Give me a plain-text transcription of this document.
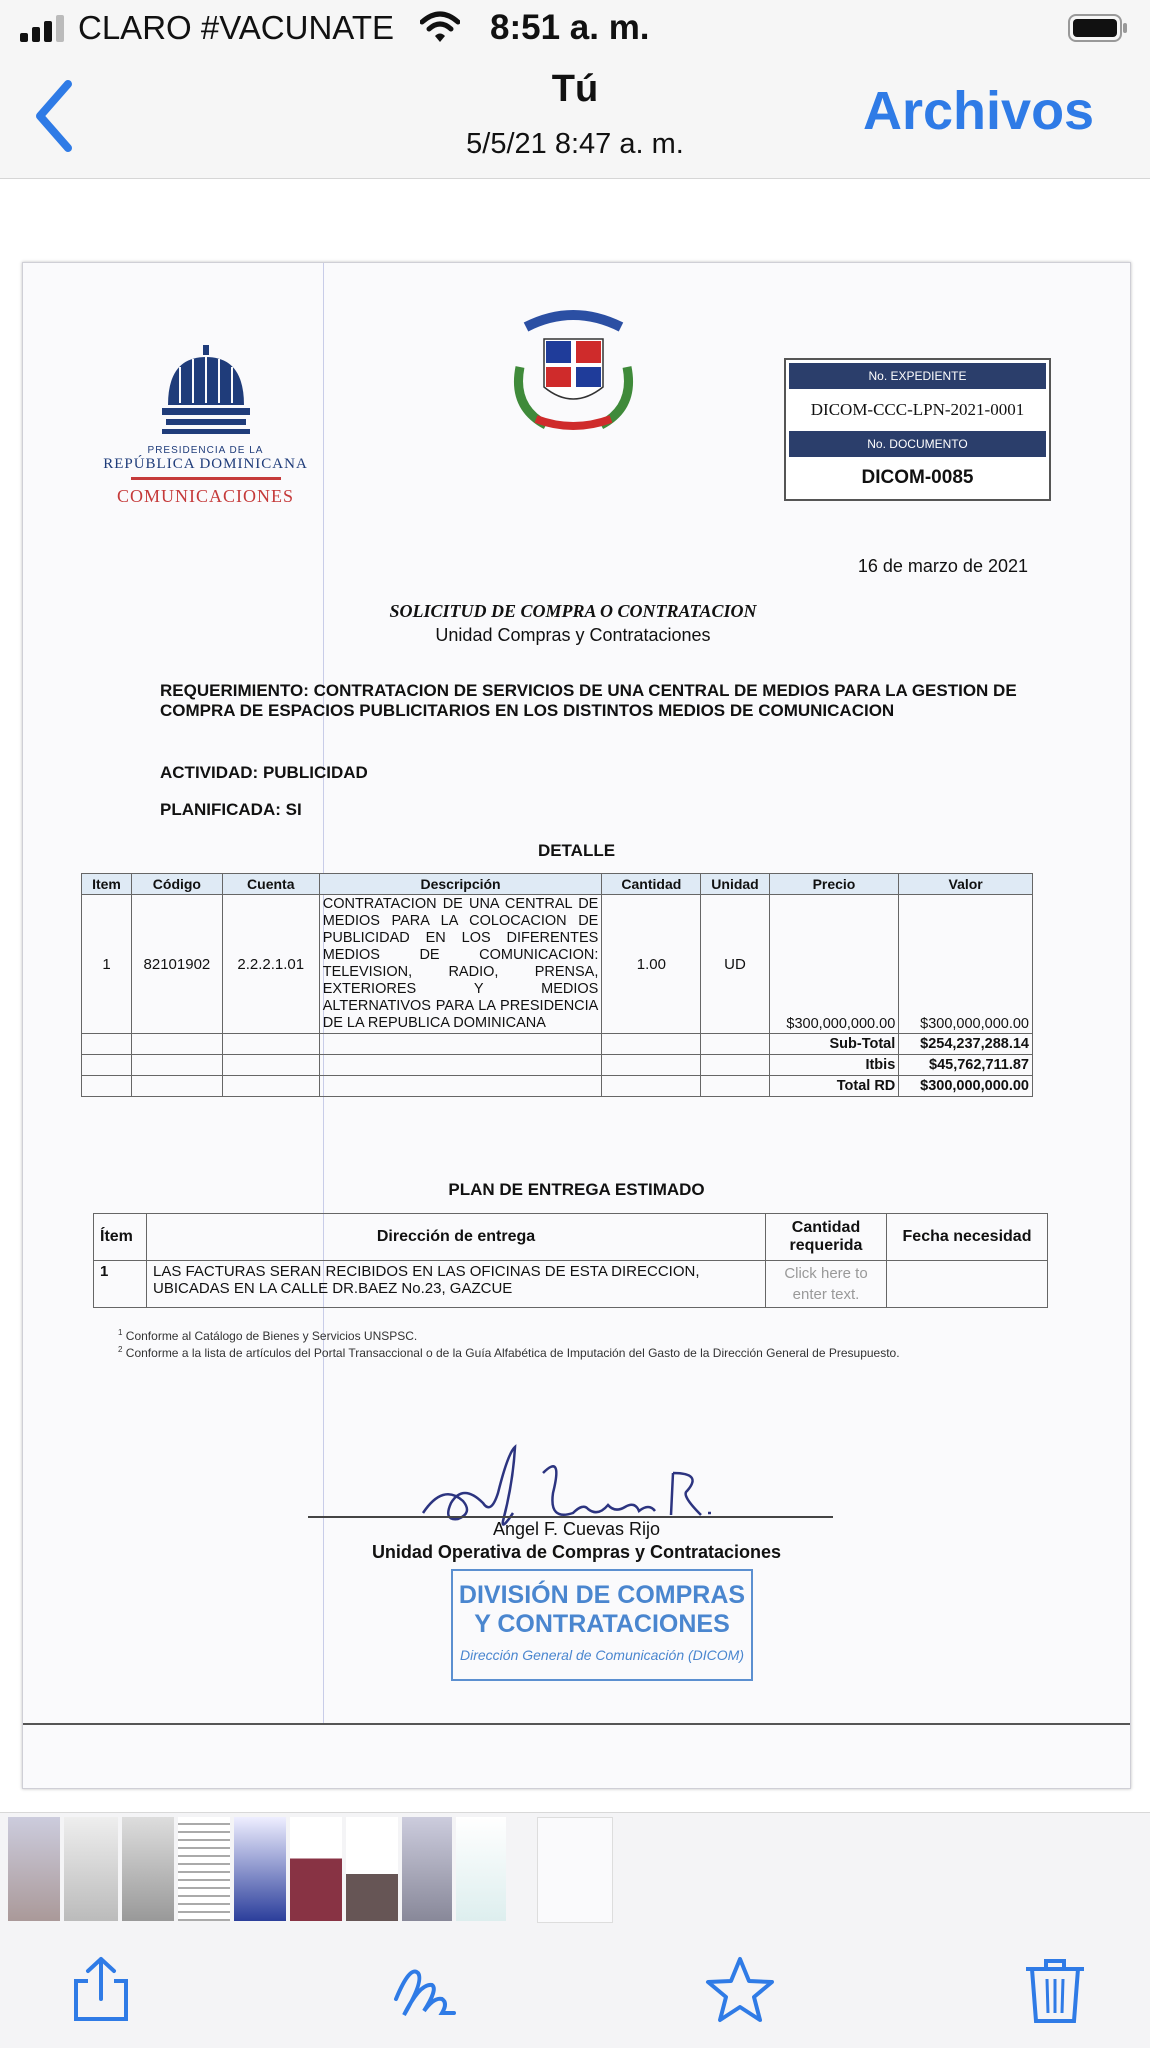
CLARO #VACUNATE	8:51 a. m.
Tú
5/5/21 8:47 a. m.
Archivos
PRESIDENCIA DE LA
REPÚBLICA DOMINICANA
COMUNICACIONES
No. EXPEDIENTE
DICOM-CCC-LPN-2021-0001
No. DOCUMENTO
DICOM-0085
16 de marzo de 2021
SOLICITUD DE COMPRA O CONTRATACION
Unidad Compras y Contrataciones
REQUERIMIENTO: CONTRATACION DE SERVICIOS DE UNA CENTRAL DE MEDIOS PARA LA GESTION DE COMPRA DE ESPACIOS PUBLICITARIOS EN LOS DISTINTOS MEDIOS DE COMUNICACION
ACTIVIDAD: PUBLICIDAD
PLANIFICADA: SI
DETALLE
Item	Código	Cuenta	Descripción	Cantidad	Unidad	Precio	Valor
1	82101902	2.2.2.1.01	CONTRATACION DE UNA CENTRAL DE MEDIOS PARA LA COLOCACION DE PUBLICIDAD EN LOS DIFERENTES MEDIOS DE COMUNICACION: TELEVISION, RADIO, PRENSA, EXTERIORES Y MEDIOS ALTERNATIVOS PARA LA PRESIDENCIA DE LA REPUBLICA DOMINICANA	1.00	UD	$300,000,000.00	$300,000,000.00
						Sub-Total	$254,237,288.14
						Itbis	$45,762,711.87
						Total RD	$300,000,000.00
PLAN DE ENTREGA ESTIMADO
Ítem	Dirección de entrega	Cantidad requerida	Fecha necesidad
1	LAS FACTURAS SERAN RECIBIDOS EN LAS OFICINAS DE ESTA DIRECCION, UBICADAS EN LA CALLE DR.BAEZ No.23, GAZCUE	Click here to enter text.	
$^1$ Conforme al Catálogo de Bienes y Servicios UNSPSC.
$^2$ Conforme a la lista de artículos del Portal Transaccional o de la Guía Alfabética de Imputación del Gasto de la Dirección General de Presupuesto.
Angel F. Cuevas Rijo
Unidad Operativa de Compras y Contrataciones
DIVISIÓN DE COMPRAS
Y CONTRATACIONES
Dirección General de Comunicación (DICOM)
